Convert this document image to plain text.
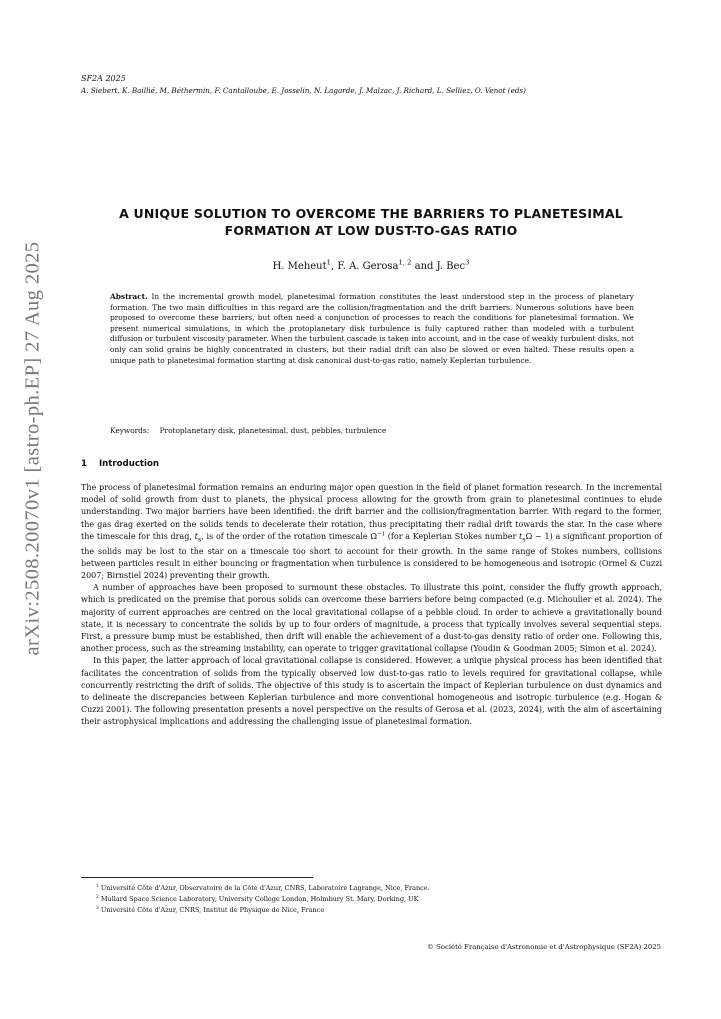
arXiv:2508.20070v1 [astro-ph.EP] 27 Aug 2025
SF2A 2025
A. Siebert, K. Baillié, M. Béthermin, F. Cantalloube, E. Josselin, N. Lagarde, J. Malzac, J. Richard, L. Selliez, O. Venot (eds)
A UNIQUE SOLUTION TO OVERCOME THE BARRIERS TO PLANETESIMAL
FORMATION AT LOW DUST-TO-GAS RATIO
H. Meheut$^1$, F. A. Gerosa$^{1, 2}$ and J. Bec$^3$
Abstract. In the incremental growth model, planetesimal formation constitutes the least understood step in the process of planetary formation. The two main difficulties in this regard are the collision/fragmentation and the drift barriers. Numerous solutions have been proposed to overcome these barriers, but often need a conjunction of processes to reach the conditions for planetesimal formation. We present numerical simulations, in which the protoplanetary disk turbulence is fully captured rather than modeled with a turbulent diffusion or turbulent viscosity parameter. When the turbulent cascade is taken into account, and in the case of weakly turbulent disks, not only can solid grains be highly concentrated in clusters, but their radial drift can also be slowed or even halted. These results open a unique path to planetesimal formation starting at disk canonical dust-to-gas ratio, namely Keplerian turbulence.
Keywords: Protoplanetary disk, planetesimal, dust, pebbles, turbulence
1 Introduction

The process of planetesimal formation remains an enduring major open question in the field of planet formation research. In the incremental model of solid growth from dust to planets, the physical process allowing for the growth from grain to planetesimal continues to elude understanding. Two major barriers have been identified: the drift barrier and the collision/fragmentation barrier. With regard to the former, the gas drag exerted on the solids tends to decelerate their rotation, thus precipitating their radial drift towards the star. In the case where the timescale for this drag, $t_s$, is of the order of the rotation timescale $\Omega^{-1}$ (for a Keplerian Stokes number $t_s\Omega$ ∼ 1) a significant proportion of the solids may be lost to the star on a timescale too short to account for their growth. In the same range of Stokes numbers, collisions between particles result in either bouncing or fragmentation when turbulence is considered to be homogeneous and isotropic (Ormel & Cuzzi 2007; Birnstiel 2024) preventing their growth.

A number of approaches have been proposed to surmount these obstacles. To illustrate this point, consider the fluffy growth approach, which is predicated on the premise that porous solids can overcome these barriers before being compacted (e.g. Michoulier et al. 2024). The majority of current approaches are centred on the local gravitational collapse of a pebble cloud. In order to achieve a gravitationally bound state, it is necessary to concentrate the solids by up to four orders of magnitude, a process that typically involves several sequential steps. First, a pressure bump must be established, then drift will enable the achievement of a dust-to-gas density ratio of order one. Following this, another process, such as the streaming instability, can operate to trigger gravitational collapse (Youdin & Goodman 2005; Simon et al. 2024).

In this paper, the latter approach of local gravitational collapse is considered. However, a unique physical process has been identified that facilitates the concentration of solids from the typically observed low dust-to-gas ratio to levels required for gravitational collapse, while concurrently restricting the drift of solids. The objective of this study is to ascertain the impact of Keplerian turbulence on dust dynamics and to delineate the discrepancies between Keplerian turbulence and more conventional homogeneous and isotropic turbulence (e.g. Hogan & Cuzzi 2001). The following presentation presents a novel perspective on the results of Gerosa et al. (2023, 2024), with the aim of ascertaining their astrophysical implications and addressing the challenging issue of planetesimal formation.

$^1$ Université Côte d'Azur, Observatoire de la Côte d'Azur, CNRS, Laboratoire Lagrange, Nice, France.
$^2$ Mullard Space Science Laboratory, University College London, Holmbury St. Mary, Dorking, UK
$^3$ Université Côte d'Azur, CNRS, Institut de Physique de Nice, France
© Société Française d'Astronomie et d'Astrophysique (SF2A) 2025
